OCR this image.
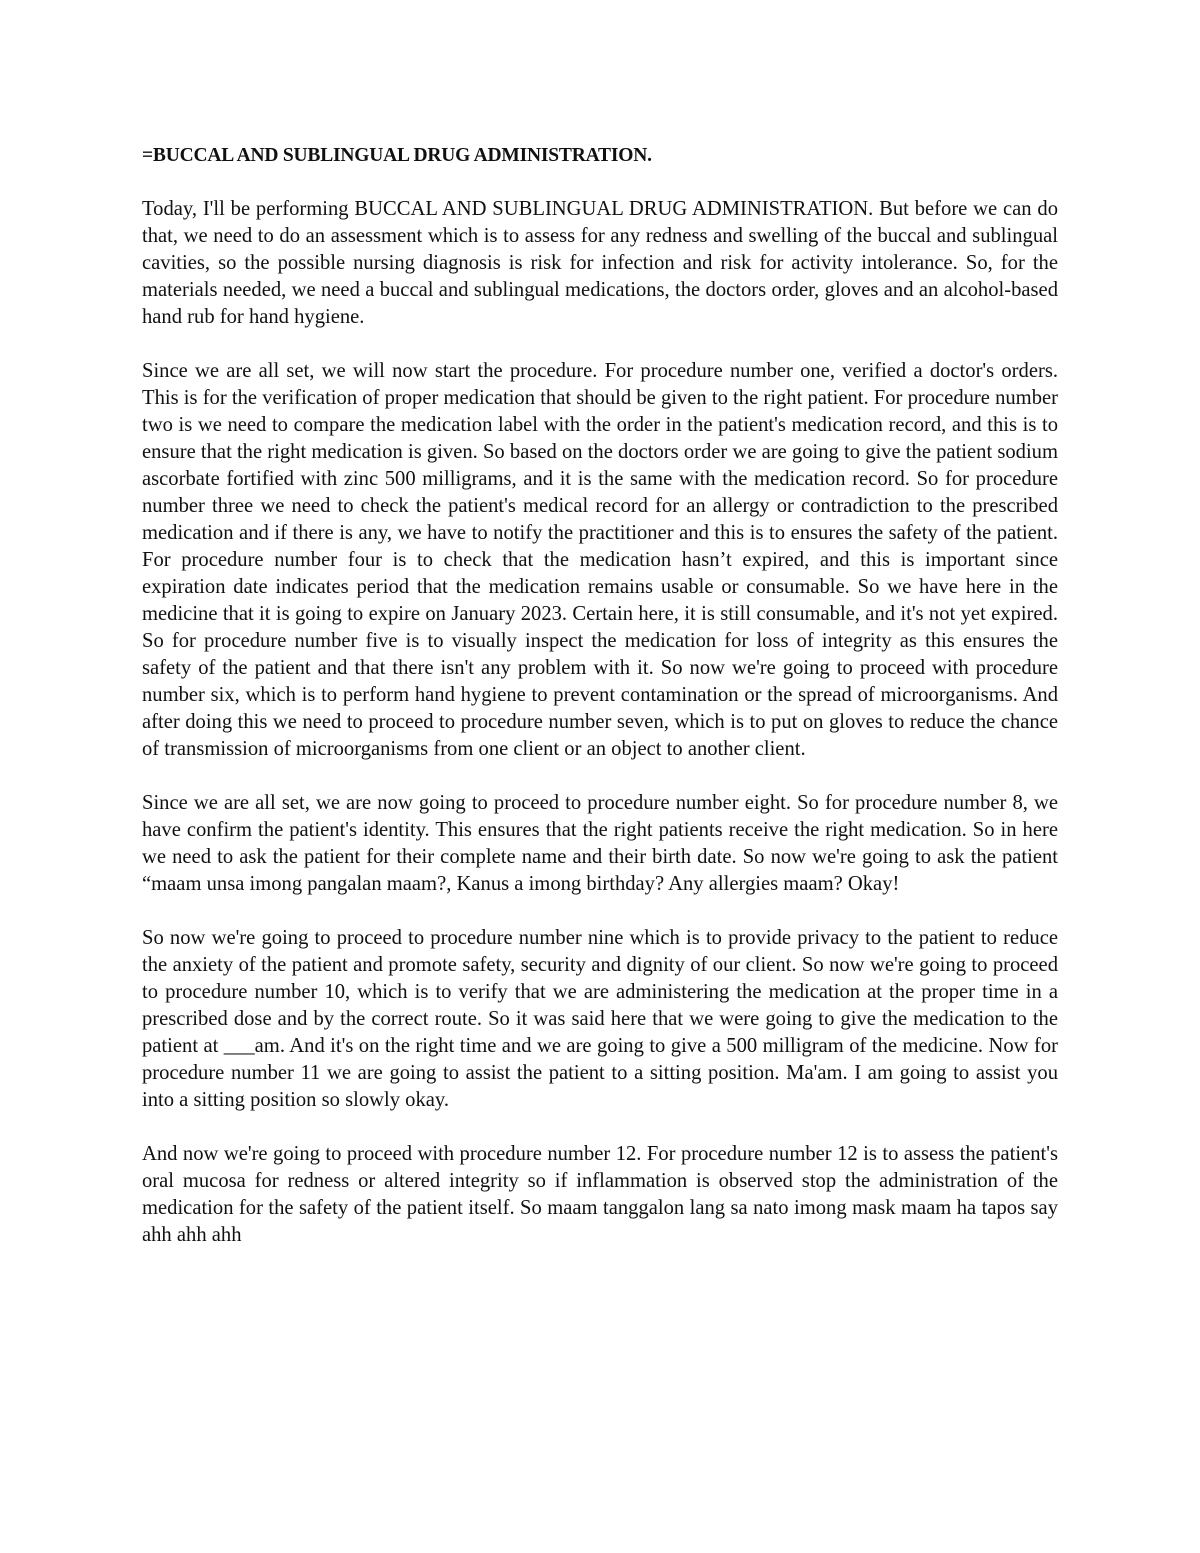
=BUCCAL AND SUBLINGUAL DRUG ADMINISTRATION.

Today, I'll be performing BUCCAL AND SUBLINGUAL DRUG ADMINISTRATION. But before we can do that, we need to do an assessment which is to assess for any redness and swelling of the buccal and sublingual cavities, so the possible nursing diagnosis is risk for infection and risk for activity intolerance. So, for the materials needed, we need a buccal and sublingual medications, the doctors order, gloves and an alcohol-based hand rub for hand hygiene.

Since we are all set, we will now start the procedure. For procedure number one, verified a doctor's orders. This is for the verification of proper medication that should be given to the right patient. For procedure number two is we need to compare the medication label with the order in the patient's medication record, and this is to ensure that the right medication is given. So based on the doctors order we are going to give the patient sodium ascorbate fortified with zinc 500 milligrams, and it is the same with the medication record. So for procedure number three we need to check the patient's medical record for an allergy or contradiction to the prescribed medication and if there is any, we have to notify the practitioner and this is to ensures the safety of the patient. For procedure number four is to check that the medication hasn’t expired, and this is important since expiration date indicates period that the medication remains usable or consumable. So we have here in the medicine that it is going to expire on January 2023. Certain here, it is still consumable, and it's not yet expired. So for procedure number five is to visually inspect the medication for loss of integrity as this ensures the safety of the patient and that there isn't any problem with it. So now we're going to proceed with procedure number six, which is to perform hand hygiene to prevent contamination or the spread of microorganisms. And after doing this we need to proceed to procedure number seven, which is to put on gloves to reduce the chance of transmission of microorganisms from one client or an object to another client.

Since we are all set, we are now going to proceed to procedure number eight. So for procedure number 8, we have confirm the patient's identity. This ensures that the right patients receive the right medication. So in here we need to ask the patient for their complete name and their birth date. So now we're going to ask the patient “maam unsa imong pangalan maam?, Kanus a imong birthday? Any allergies maam? Okay!

So now we're going to proceed to procedure number nine which is to provide privacy to the patient to reduce the anxiety of the patient and promote safety, security and dignity of our client. So now we're going to proceed to procedure number 10, which is to verify that we are administering the medication at the proper time in a prescribed dose and by the correct route. So it was said here that we were going to give the medication to the patient at ___am. And it's on the right time and we are going to give a 500 milligram of the medicine. Now for procedure number 11 we are going to assist the patient to a sitting position. Ma'am. I am going to assist you into a sitting position so slowly okay.

And now we're going to proceed with procedure number 12. For procedure number 12 is to assess the patient's oral mucosa for redness or altered integrity so if inflammation is observed stop the administration of the medication for the safety of the patient itself. So maam tanggalon lang sa nato imong mask maam ha tapos say ahh ahh ahh
